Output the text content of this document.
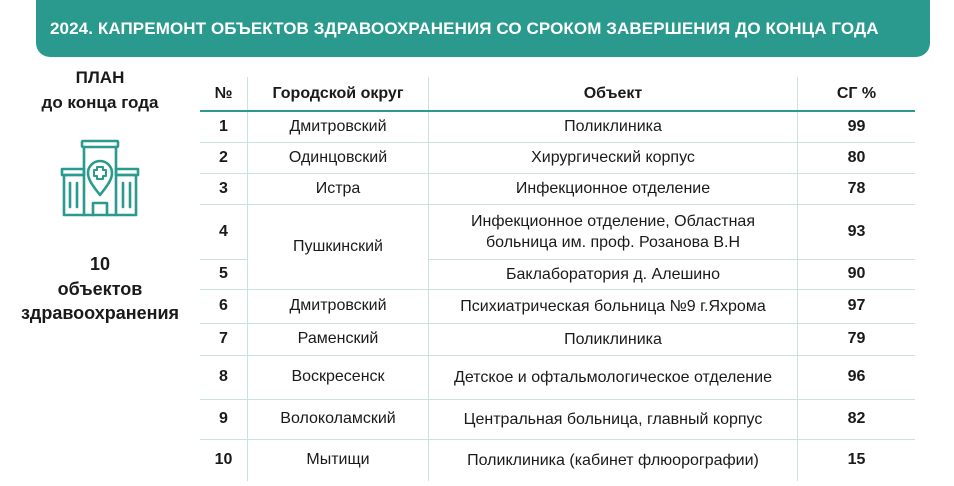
2024. КАПРЕМОНТ ОБЪЕКТОВ ЗДРАВООХРАНЕНИЯ СО СРОКОМ ЗАВЕРШЕНИЯ ДО КОНЦА ГОДА
ПЛАН
до конца года
10
объектов
здравоохранения
№	Городской округ	Объект	СГ %
1	Дмитровский	Поликлиника	99
2	Одинцовский	Хирургический корпус	80
3	Истра	Инфекционное отделение	78
4	Пушкинский	Инфекционное отделение, Областная
больница им. проф. Розанова В.Н	93
5		Баклаборатория д. Алешино	90
6	Дмитровский	Психиатрическая больница №9 г.Яхрома	97
7	Раменский	Поликлиника	79
8	Воскресенск	Детское и офтальмологическое отделение	96
9	Волоколамский	Центральная больница, главный корпус	82
10	Мытищи	Поликлиника (кабинет флюорографии)	15
